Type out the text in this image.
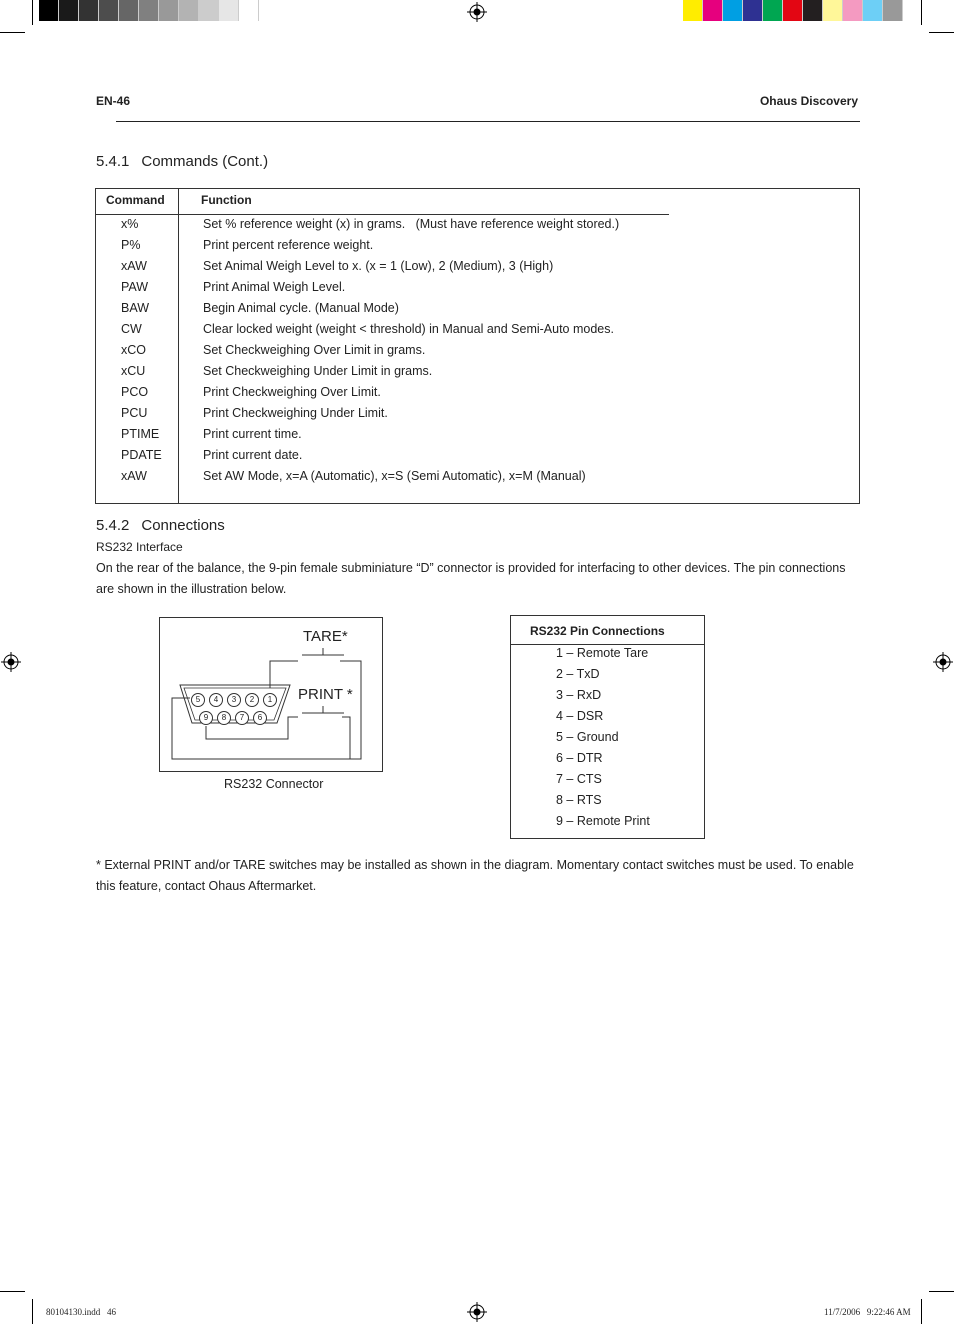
EN-46	Ohaus Discovery
5.4.1 Commands (Cont.)
Command	Function
x%	Set % reference weight (x) in grams.   (Must have reference weight stored.)
P%	Print percent reference weight.
xAW	Set Animal Weigh Level to x. (x = 1 (Low), 2 (Medium), 3 (High)
PAW	Print Animal Weigh Level.
BAW	Begin Animal cycle. (Manual Mode)
CW	Clear locked weight (weight < threshold) in Manual and Semi-Auto modes.
xCO	Set Checkweighing Over Limit in grams.
xCU	Set Checkweighing Under Limit in grams.
PCO	Print Checkweighing Over Limit.
PCU	Print Checkweighing Under Limit.
PTIME	Print current time.
PDATE	Print current date.
xAW	Set AW Mode, x=A (Automatic), x=S (Semi Automatic), x=M (Manual)
5.4.2 Connections
RS232 Interface
On the rear of the balance, the 9-pin female subminiature “D” connector is provided for interfacing to other devices. The pin connections are shown in the illustration below.
TARE*
PRINT *
5	4	3	2	1
9	8	7	6
RS232 Connector
RS232 Pin Connections
1 – Remote Tare
2 – TxD
3 – RxD
4 – DSR
5 – Ground
6 – DTR
7 – CTS
8 – RTS
9 – Remote Print
* External PRINT and/or TARE switches may be installed as shown in the diagram. Momentary contact switches must be used. To enable this feature, contact Ohaus Aftermarket.
80104130.indd   46	11/7/2006   9:22:46 AM
